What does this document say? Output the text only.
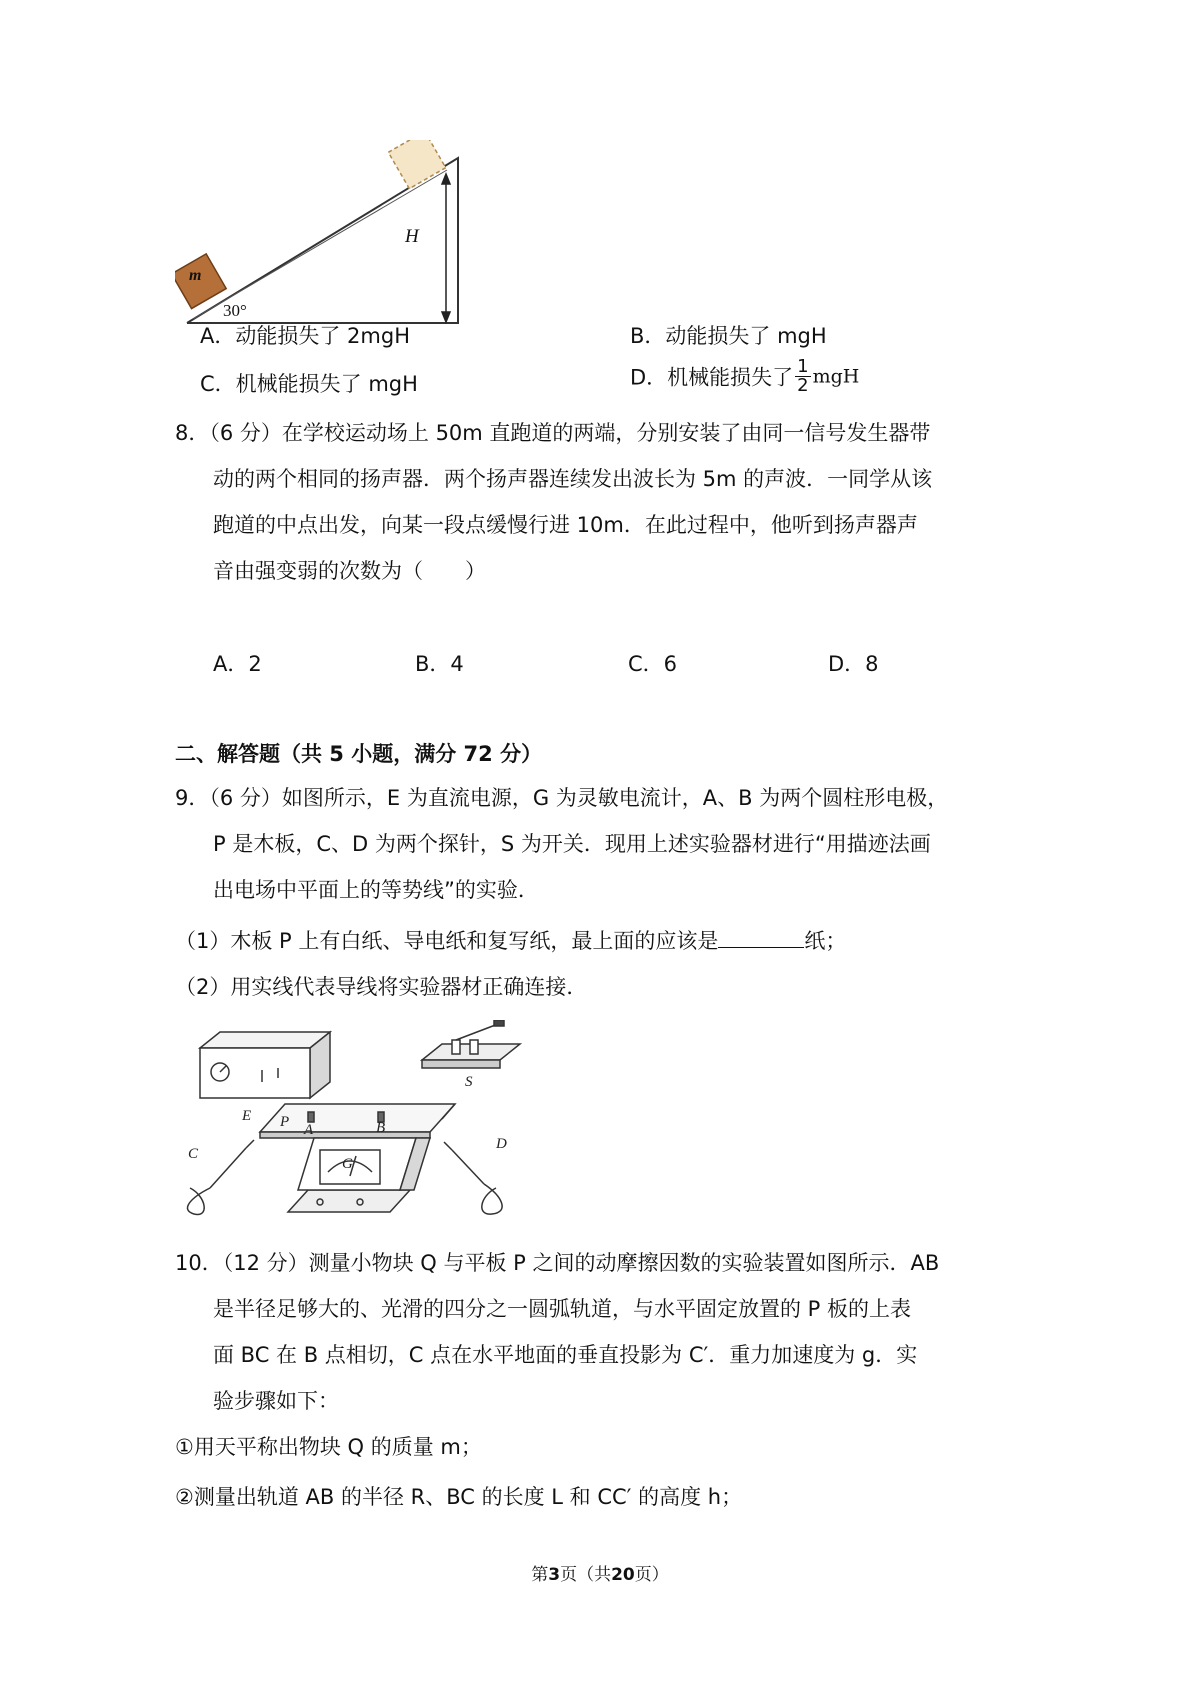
m
30°
H
A．动能损失了 2mgH	B．动能损失了 mgH
C．机械能损失了 mgH	D．机械能损失了 $\frac{1}{2}$ mgH
8．（6 分）在学校运动场上 50m 直跑道的两端，分别安装了由同一信号发生器带
动的两个相同的扬声器．两个扬声器连续发出波长为 5m 的声波．一同学从该
跑道的中点出发，向某一段点缓慢行进 10m．在此过程中，他听到扬声器声
音由强变弱的次数为（　　）
A．2	B．4	C．6	D．8
二、解答题（共 5 小题，满分 72 分）
9．（6 分）如图所示，E 为直流电源，G 为灵敏电流计，A、B 为两个圆柱形电极，
P 是木板，C、D 为两个探针，S 为开关．现用上述实验器材进行“用描迹法画
出电场中平面上的等势线”的实验．
（1）木板 P 上有白纸、导电纸和复写纸，最上面的应该是	纸；
（2）用实线代表导线将实验器材正确连接．
E
S
P A	B
C
D
G
10．（12 分）测量小物块 Q 与平板 P 之间的动摩擦因数的实验装置如图所示．AB
是半径足够大的、光滑的四分之一圆弧轨道，与水平固定放置的 P 板的上表
面 BC 在 B 点相切，C 点在水平地面的垂直投影为 C′．重力加速度为 g．实
验步骤如下：
①用天平称出物块 Q 的质量 m；
②测量出轨道 AB 的半径 R、BC 的长度 L 和 CC′ 的高度 h；
第3页（共20页）
